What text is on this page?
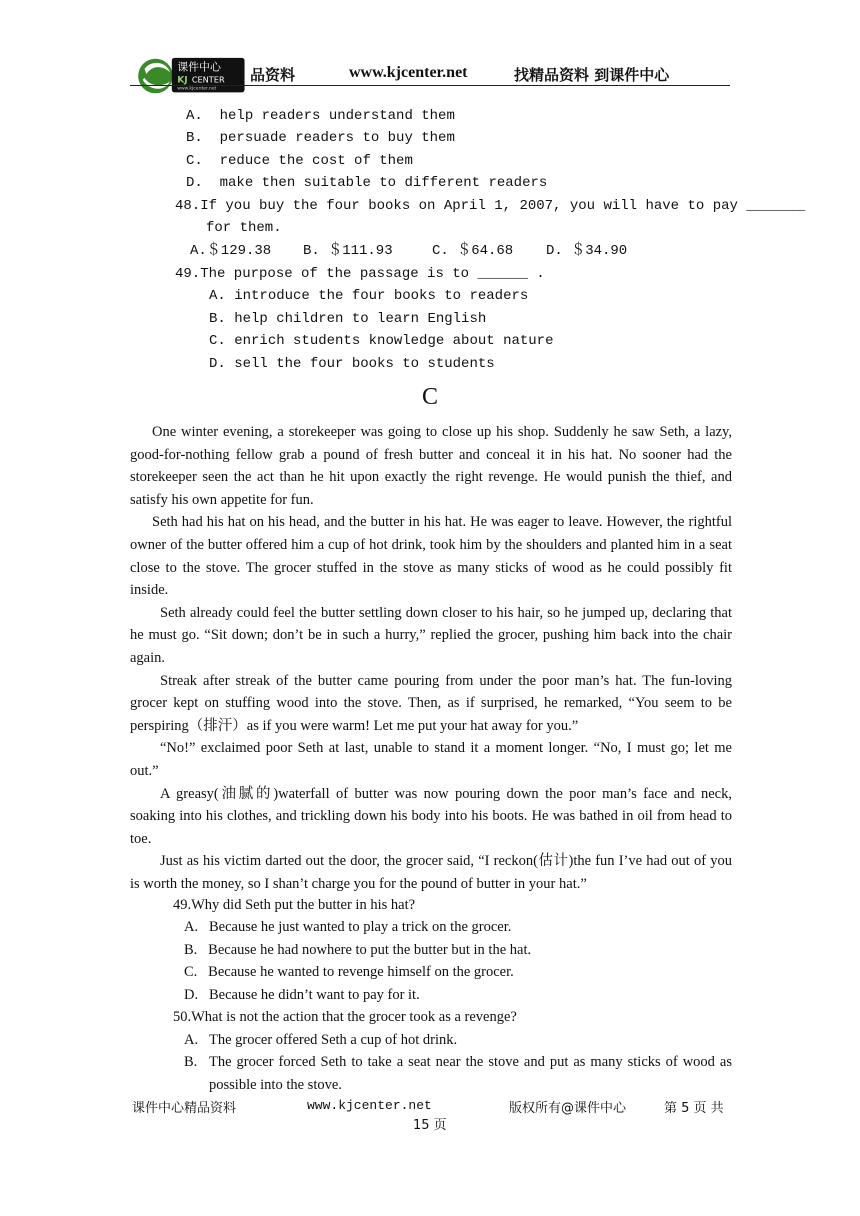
课件中心
KJ CENTER
www.kjcenter.net
品资料	www.kjcenter.net	找精品资料 到课件中心
A. help readers understand them
B. persuade readers to buy them
C. reduce the cost of them
D. make then suitable to different readers
48.If you buy the four books on April 1, 2007, you will have to pay _______
for them.
A.＄129.38 B. ＄111.93	C. ＄64.68 D. ＄34.90
49.The purpose of the passage is to ______ .
A. introduce the four books to readers
B. help children to learn English
C. enrich students knowledge about nature
D. sell the four books to students
C

One winter evening, a storekeeper was going to close up his shop. Suddenly he saw Seth, a lazy, good-for-nothing fellow grab a pound of fresh butter and conceal it in his hat. No sooner had the storekeeper seen the act than he hit upon exactly the right revenge. He would punish the thief, and satisfy his own appetite for fun.

Seth had his hat on his head, and the butter in his hat. He was eager to leave. However, the rightful owner of the butter offered him a cup of hot drink, took him by the shoulders and planted him in a seat close to the stove. The grocer stuffed in the stove as many sticks of wood as he could possibly fit inside.

Seth already could feel the butter settling down closer to his hair, so he jumped up, declaring that he must go. “Sit down; don’t be in such a hurry,” replied the grocer, pushing him back into the chair again.

Streak after streak of the butter came pouring from under the poor man’s hat. The fun-loving grocer kept on stuffing wood into the stove. Then, as if surprised, he remarked, “You seem to be perspiring（排汗）as if you were warm! Let me put your hat away for you.”

“No!” exclaimed poor Seth at last, unable to stand it a moment longer. “No, I must go; let me out.”

A greasy(油腻的)waterfall of butter was now pouring down the poor man’s face and neck, soaking into his clothes, and trickling down his body into his boots. He was bathed in oil from head to toe.

Just as his victim darted out the door, the grocer said, “I reckon(估计)the fun I’ve had out of you is worth the money, so I shan’t charge you for the pound of butter in your hat.”

49.Why did Seth put the butter in his hat?
A. Because he just wanted to play a trick on the grocer.
B. Because he had nowhere to put the butter but in the hat.
C. Because he wanted to revenge himself on the grocer.
D. Because he didn’t want to pay for it.
50.What is not the action that the grocer took as a revenge?
A. The grocer offered Seth a cup of hot drink.
B. The grocer forced Seth to take a seat near the stove and put as many sticks of wood as possible into the stove.
课件中心精品资料	www.kjcenter.net	版权所有@课件中心	第 5 页 共
15 页
